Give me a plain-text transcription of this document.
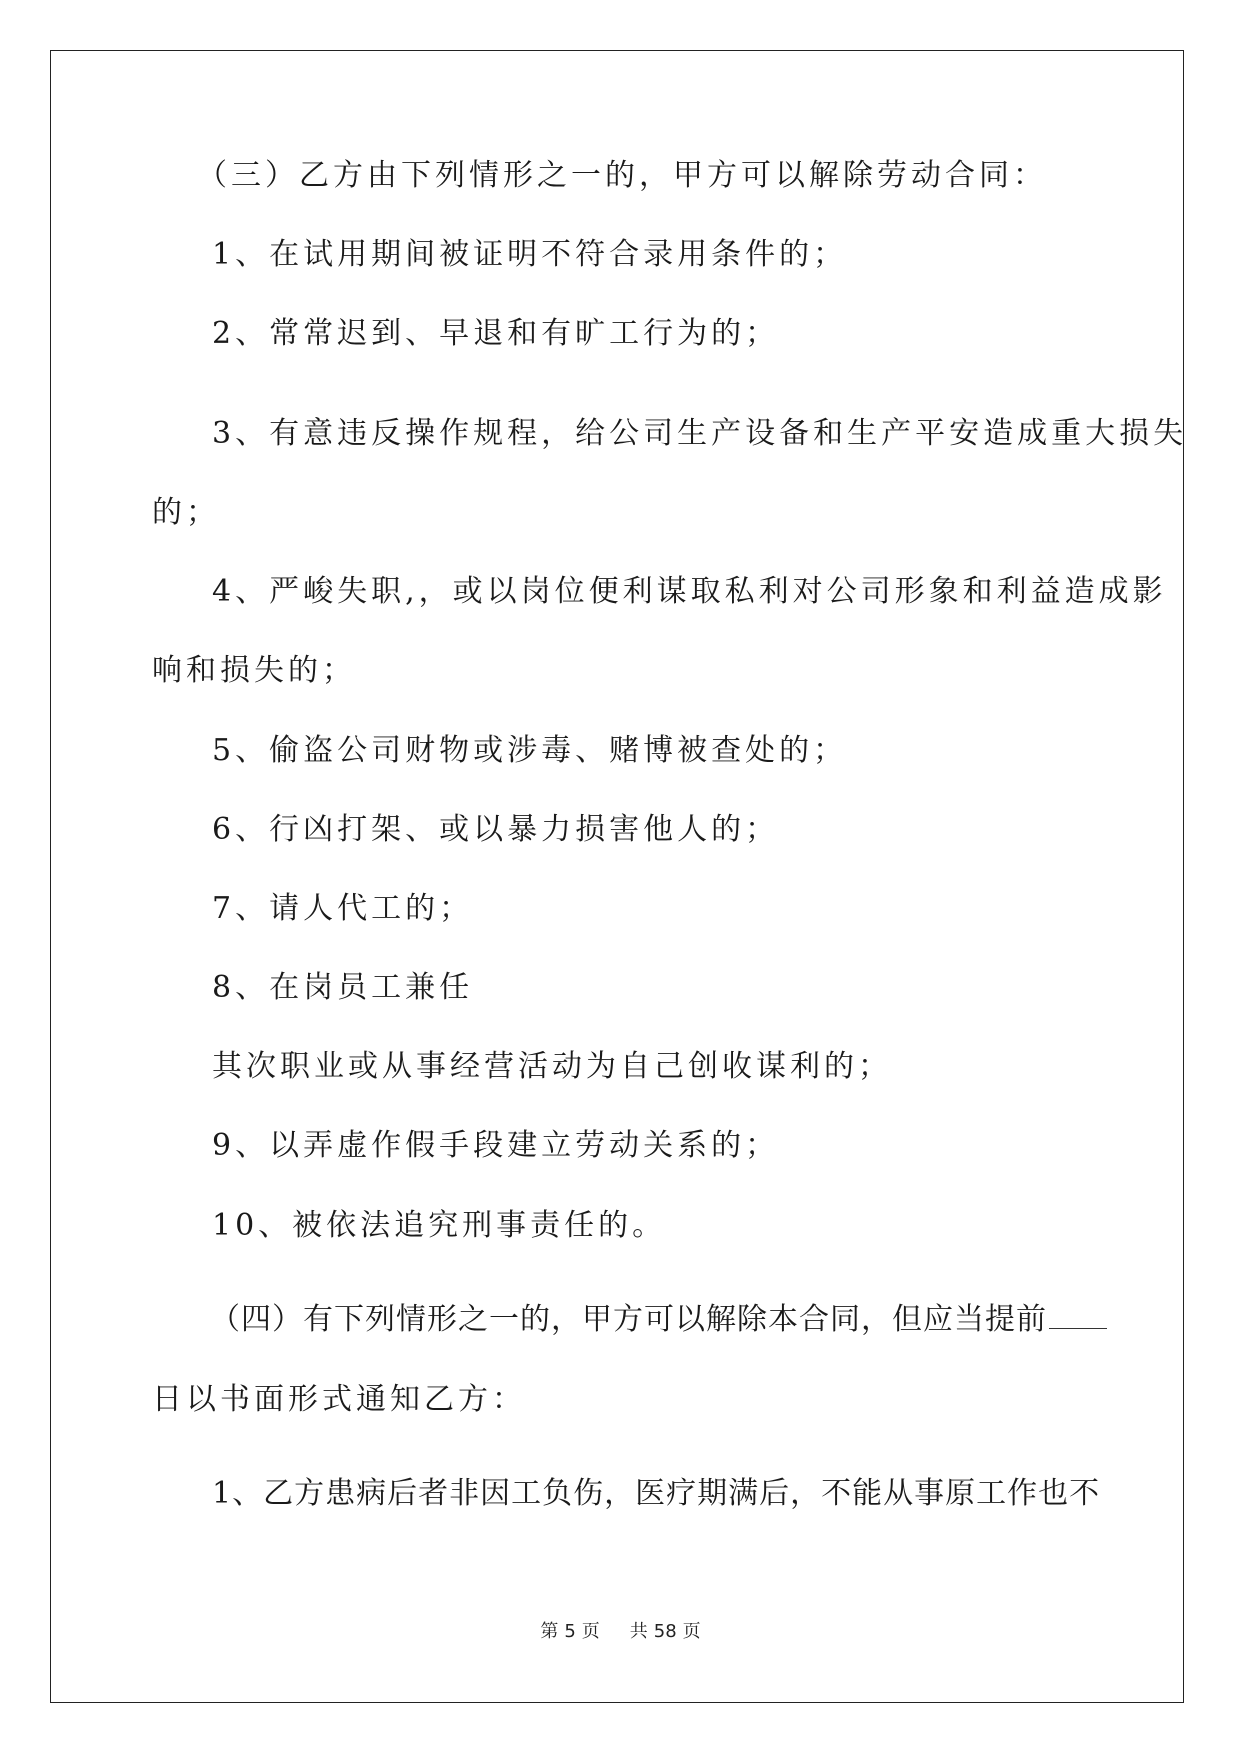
（三）乙方由下列情形之一的，甲方可以解除劳动合同：

1、在试用期间被证明不符合录用条件的；

2、常常迟到、早退和有旷工行为的；

3、有意违反操作规程，给公司生产设备和生产平安造成重大损失

的；

4、严峻失职,，或以岗位便利谋取私利对公司形象和利益造成影

响和损失的；

5、偷盗公司财物或涉毒、赌博被查处的；

6、行凶打架、或以暴力损害他人的；

7、请人代工的；

8、在岗员工兼任

其次职业或从事经营活动为自己创收谋利的；

9、以弄虚作假手段建立劳动关系的；

10、被依法追究刑事责任的。

（四）有下列情形之一的，甲方可以解除本合同，但应当提前

日以书面形式通知乙方：

1、乙方患病后者非因工负伤，医疗期满后，不能从事原工作也不

第 5 页 共 58 页
